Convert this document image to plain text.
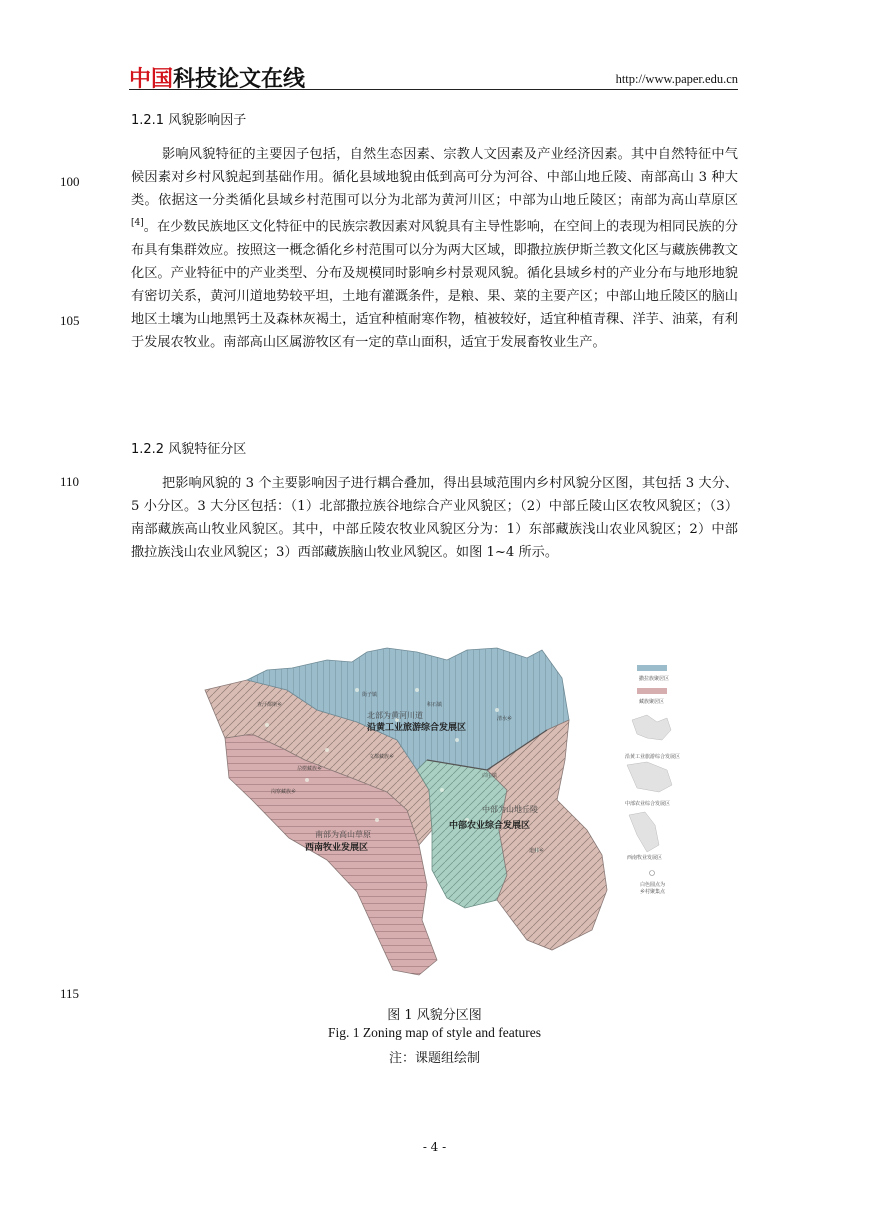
中国科技论文在线	http://www.paper.edu.cn
1.2.1 风貌影响因子

影响风貌特征的主要因子包括，自然生态因素、宗教人文因素及产业经济因素。其中自然特征中气候因素对乡村风貌起到基础作用。循化县域地貌由低到高可分为河谷、中部山地丘陵、南部高山 3 种大类。依据这一分类循化县域乡村范围可以分为北部为黄河川区；中部为山地丘陵区；南部为高山草原区[4]。在少数民族地区文化特征中的民族宗教因素对风貌具有主导性影响，在空间上的表现为相同民族的分布具有集群效应。按照这一概念循化乡村范围可以分为两大区域，即撒拉族伊斯兰教文化区与藏族佛教文化区。产业特征中的产业类型、分布及规模同时影响乡村景观风貌。循化县域乡村的产业分布与地形地貌有密切关系，黄河川道地势较平坦，土地有灌溉条件，是粮、果、菜的主要产区；中部山地丘陵区的脑山地区土壤为山地黑钙土及森林灰褐土，适宜种植耐寒作物，植被较好，适宜种植青稞、洋芋、油菜，有利于发展农牧业。南部高山区属游牧区有一定的草山面积，适宜于发展畜牧业生产。

1.2.2 风貌特征分区

把影响风貌的 3 个主要影响因子进行耦合叠加，得出县域范围内乡村风貌分区图，其包括 3 大分、5 小分区。3 大分区包括：（1）北部撒拉族谷地综合产业风貌区；（2）中部丘陵山区农牧风貌区；（3）南部藏族高山牧业风貌区。其中，中部丘陵农牧业风貌区分为：1）东部藏族浅山农业风貌区；2）中部撒拉族浅山农业风貌区；3）西部藏族脑山牧业风貌区。如图 1~4 所示。

100
105
110
115
北部为黄河川道
沿黄工业旅游综合发展区
中部为山地丘陵
中部农业综合发展区
南部为高山草原
西南牧业发展区
查汗都斯乡
街子镇
积石镇
清水乡
文都藏族乡
尕楞藏族乡
岗察藏族乡
白庄镇
道帏乡
撒拉族聚居区
藏族聚居区
沿黄工业旅游综合发展区
中部农业综合发展区
西南牧业发展区
白色圆点为
乡村聚集点
图 1 风貌分区图
Fig. 1 Zoning map of style and features
注：课题组绘制
- 4 -
